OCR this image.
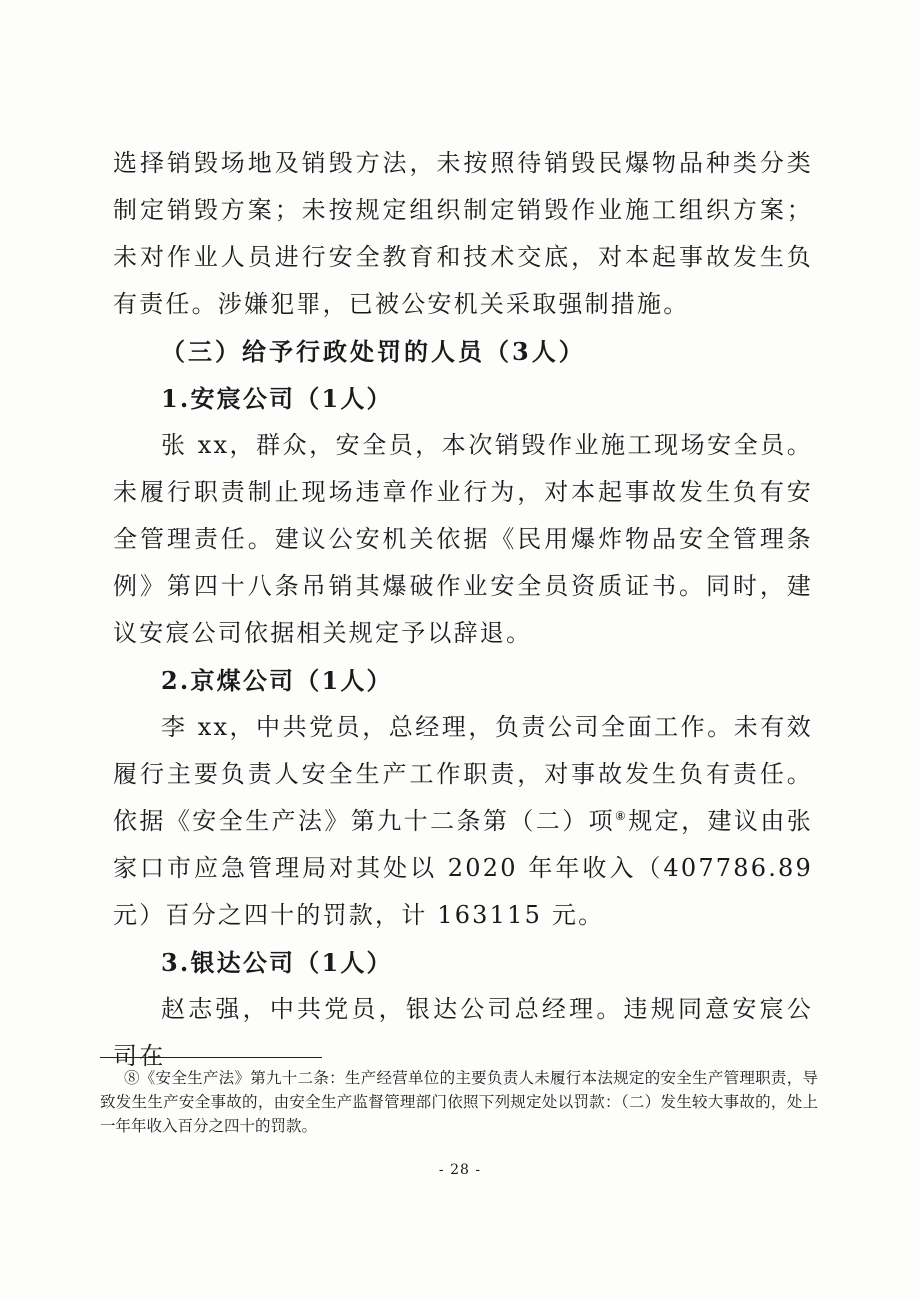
选择销毁场地及销毁方法，未按照待销毁民爆物品种类分类制定销毁方案；未按规定组织制定销毁作业施工组织方案；未对作业人员进行安全教育和技术交底，对本起事故发生负有责任。涉嫌犯罪，已被公安机关采取强制措施。

（三）给予行政处罚的人员（3人）

1.安宸公司（1人）

张 xx，群众，安全员，本次销毁作业施工现场安全员。未履行职责制止现场违章作业行为，对本起事故发生负有安全管理责任。建议公安机关依据《民用爆炸物品安全管理条例》第四十八条吊销其爆破作业安全员资质证书。同时，建议安宸公司依据相关规定予以辞退。

2.京煤公司（1人）

李 xx，中共党员，总经理，负责公司全面工作。未有效履行主要负责人安全生产工作职责，对事故发生负有责任。依据《安全生产法》第九十二条第（二）项⑧规定，建议由张家口市应急管理局对其处以 2020 年年收入（407786.89 元）百分之四十的罚款，计 163115 元。

3.银达公司（1人）

赵志强，中共党员，银达公司总经理。违规同意安宸公司在

⑧《安全生产法》第九十二条：生产经营单位的主要负责人未履行本法规定的安全生产管理职责，导致发生生产安全事故的，由安全生产监督管理部门依照下列规定处以罚款：（二）发生较大事故的，处上一年年收入百分之四十的罚款。

- 28 -
